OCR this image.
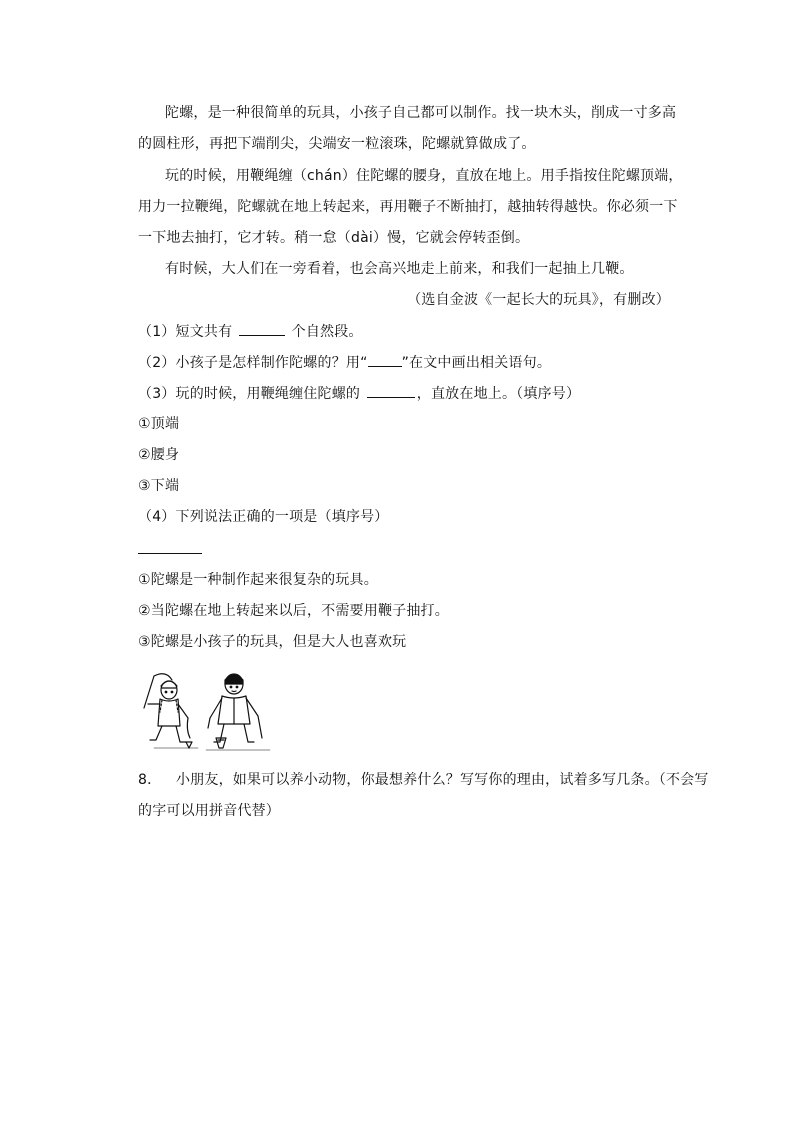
陀螺，是一种很简单的玩具，小孩子自己都可以制作。找一块木头，削成一寸多高
的圆柱形，再把下端削尖，尖端安一粒滚珠，陀螺就算做成了。
玩的时候，用鞭绳缠（chán）住陀螺的腰身，直放在地上。用手指按住陀螺顶端，
用力一拉鞭绳，陀螺就在地上转起来，再用鞭子不断抽打，越抽转得越快。你必须一下
一下地去抽打，它才转。稍一怠（dài）慢，它就会停转歪倒。
有时候，大人们在一旁看着，也会高兴地走上前来，和我们一起抽上几鞭。
（选自金波《一起长大的玩具》，有删改）
（1）短文共有	个自然段。
（2）小孩子是怎样制作陀螺的？用“ ”在文中画出相关语句。
（3）玩的时候，用鞭绳缠住陀螺的	，直放在地上。（填序号）
①顶端
②腰身
③下端
（4）下列说法正确的一项是（填序号）
①陀螺是一种制作起来很复杂的玩具。
②当陀螺在地上转起来以后，不需要用鞭子抽打。
③陀螺是小孩子的玩具，但是大人也喜欢玩
8． 小朋友，如果可以养小动物，你最想养什么？写写你的理由，试着多写几条。（不会写
的字可以用拼音代替）
